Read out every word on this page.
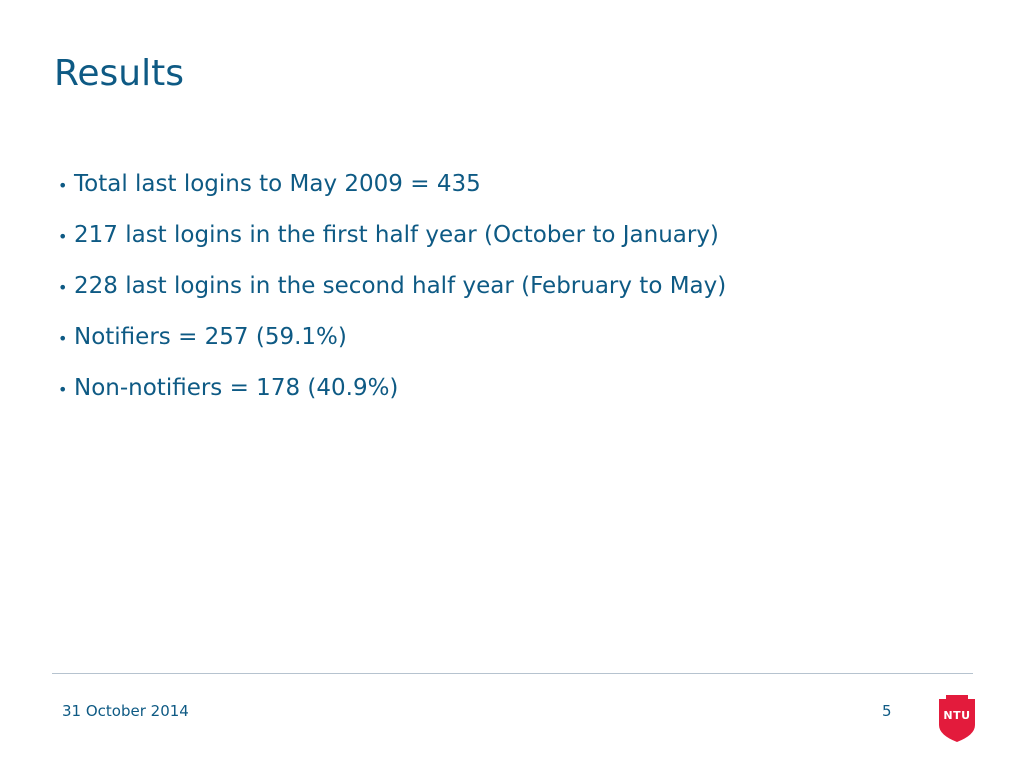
Results
• Total last logins to May 2009 = 435
• 217 last logins in the first half year (October to January)
• 228 last logins in the second half year (February to May)
• Notifiers = 257 (59.1%)
• Non-notifiers = 178 (40.9%)
31 October 2014	5	NTU
